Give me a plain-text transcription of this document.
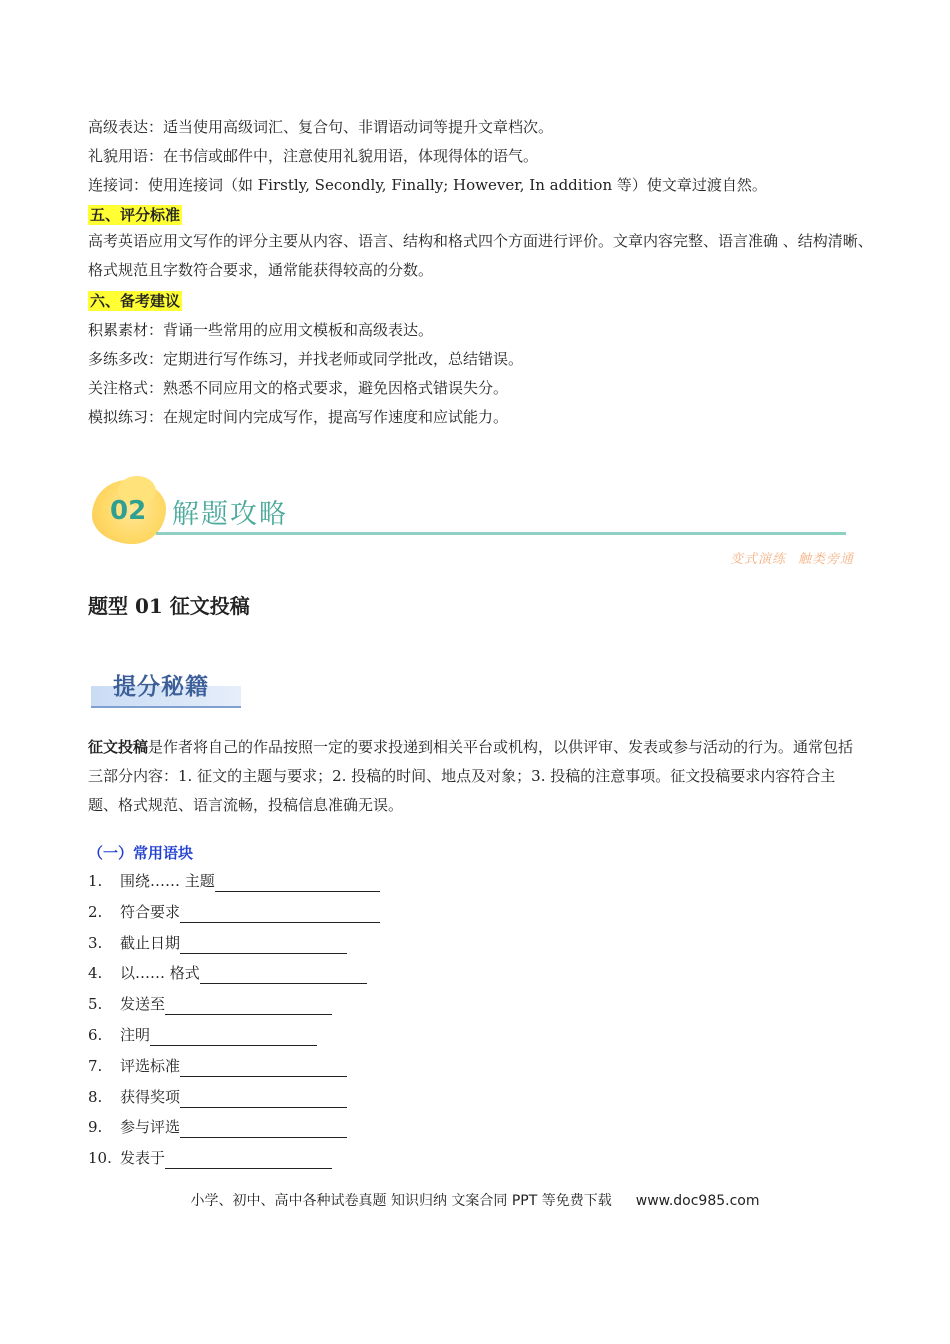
高级表达：适当使用高级词汇、复合句、非谓语动词等提升文章档次。
礼貌用语：在书信或邮件中，注意使用礼貌用语，体现得体的语气。
连接词：使用连接词（如 Firstly, Secondly, Finally; However, In addition 等）使文章过渡自然。
五、评分标准
高考英语应用文写作的评分主要从内容、语言、结构和格式四个方面进行评价。文章内容完整、语言准确 、结构清晰、格式规范且字数符合要求，通常能获得较高的分数。
六、备考建议
积累素材：背诵一些常用的应用文模板和高级表达。
多练多改：定期进行写作练习，并找老师或同学批改，总结错误。
关注格式：熟悉不同应用文的格式要求，避免因格式错误失分。
模拟练习：在规定时间内完成写作，提高写作速度和应试能力。
02 解题攻略
变式演练 触类旁通
题型 01 征文投稿
提分秘籍
征文投稿是作者将自己的作品按照一定的要求投递到相关平台或机构，以供评审、发表或参与活动的行为。通常包括三部分内容：1. 征文的主题与要求；2. 投稿的时间、地点及对象；3. 投稿的注意事项。征文投稿要求内容符合主题、格式规范、语言流畅，投稿信息准确无误。
（一）常用语块
1. 围绕…… 主题
2. 符合要求
3. 截止日期
4. 以…… 格式
5. 发送至
6. 注明
7. 评选标准
8. 获得奖项
9. 参与评选
10. 发表于
小学、初中、高中各种试卷真题 知识归纳 文案合同 PPT 等免费下载 www.doc985.com
